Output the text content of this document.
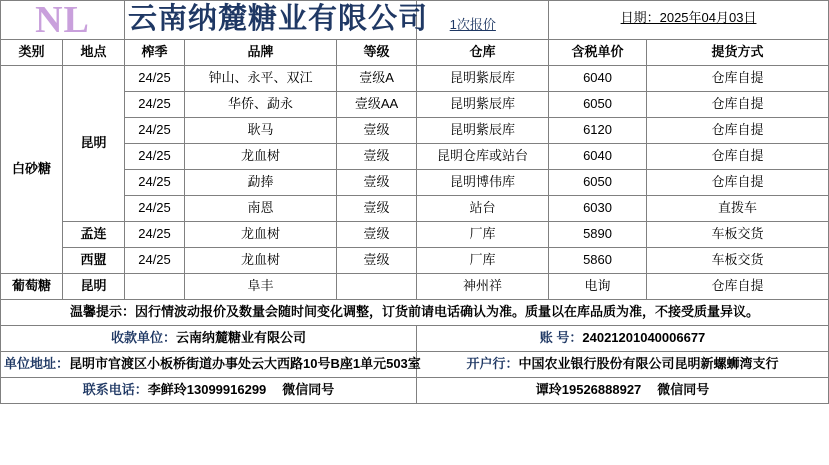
NL		云南纳麓糖业有限公司 1次报价				日期：2025年04月03日	
类别	地点	榨季	品牌	等级	仓库	含税单价	提货方式
白砂糖	昆明	24/25	钟山、永平、双江	壹级A	昆明紫辰库	6040	仓库自提
		24/25	华侨、勐永	壹级AA	昆明紫辰库	6050	仓库自提
		24/25	耿马	壹级	昆明紫辰库	6120	仓库自提
		24/25	龙血树	壹级	昆明仓库或站台	6040	仓库自提
		24/25	勐捧	壹级	昆明博伟库	6050	仓库自提
		24/25	南恩	壹级	站台	6030	直拨车
	孟连	24/25	龙血树	壹级	厂库	5890	车板交货
	西盟	24/25	龙血树	壹级	厂库	5860	车板交货
葡萄糖	昆明		阜丰		神州祥	电询	仓库自提
温馨提示：因行情波动报价及数量会随时间变化调整，订货前请电话确认为准。质量以在库品质为准，不接受质量异议。							
收款单位：云南纳麓糖业有限公司					账 号：24021201040006677		
单位地址：昆明市官渡区小板桥街道办事处云大西路10号B座1单元503室					开户行：中国农业银行股份有限公司昆明新螺蛳湾支行		
联系电话：李鲜玲13099916299 微信同号					谭玲19526888927 微信同号		
